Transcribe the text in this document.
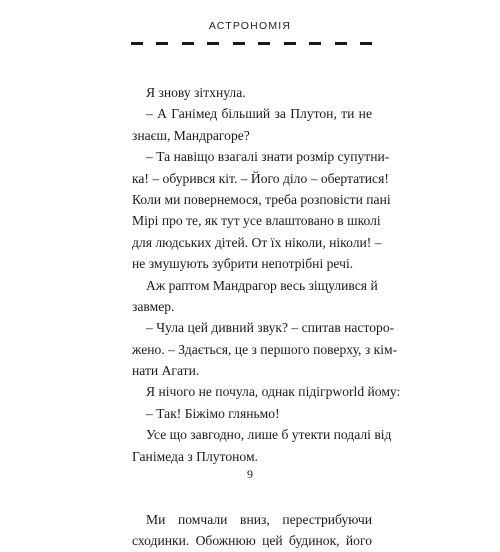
АСТРОНОМІЯ
Я знову зітхнула.
– А Ганімед більший за Плутон, ти не
знаєш, Мандрагоре?
– Та навіщо взагалі знати розмір супутни-
ка! – обурився кіт. – Його діло – обертатися!
Коли ми повернемося, треба розповісти пані
Мірі про те, як тут усе влаштовано в школі
для людських дітей. От їх ніколи, ніколи! –
не змушують зубрити непотрібні речі.
Аж раптом Мандрагор весь зіщулився й
завмер.
– Чула цей дивний звук? – спитав насторо-
жено. – Здається, це з першого поверху, з кім-
нати Агати.
Я нічого не почула, однак підігрworld йому:
– Так! Біжімо гляньмо!
Усе що завгодно, лише б утекти подалі від
Ганімеда з Плутоном.
Ми помчали вниз, перестрибуючи
сходинки. Обожнюю цей будинок, його
9
